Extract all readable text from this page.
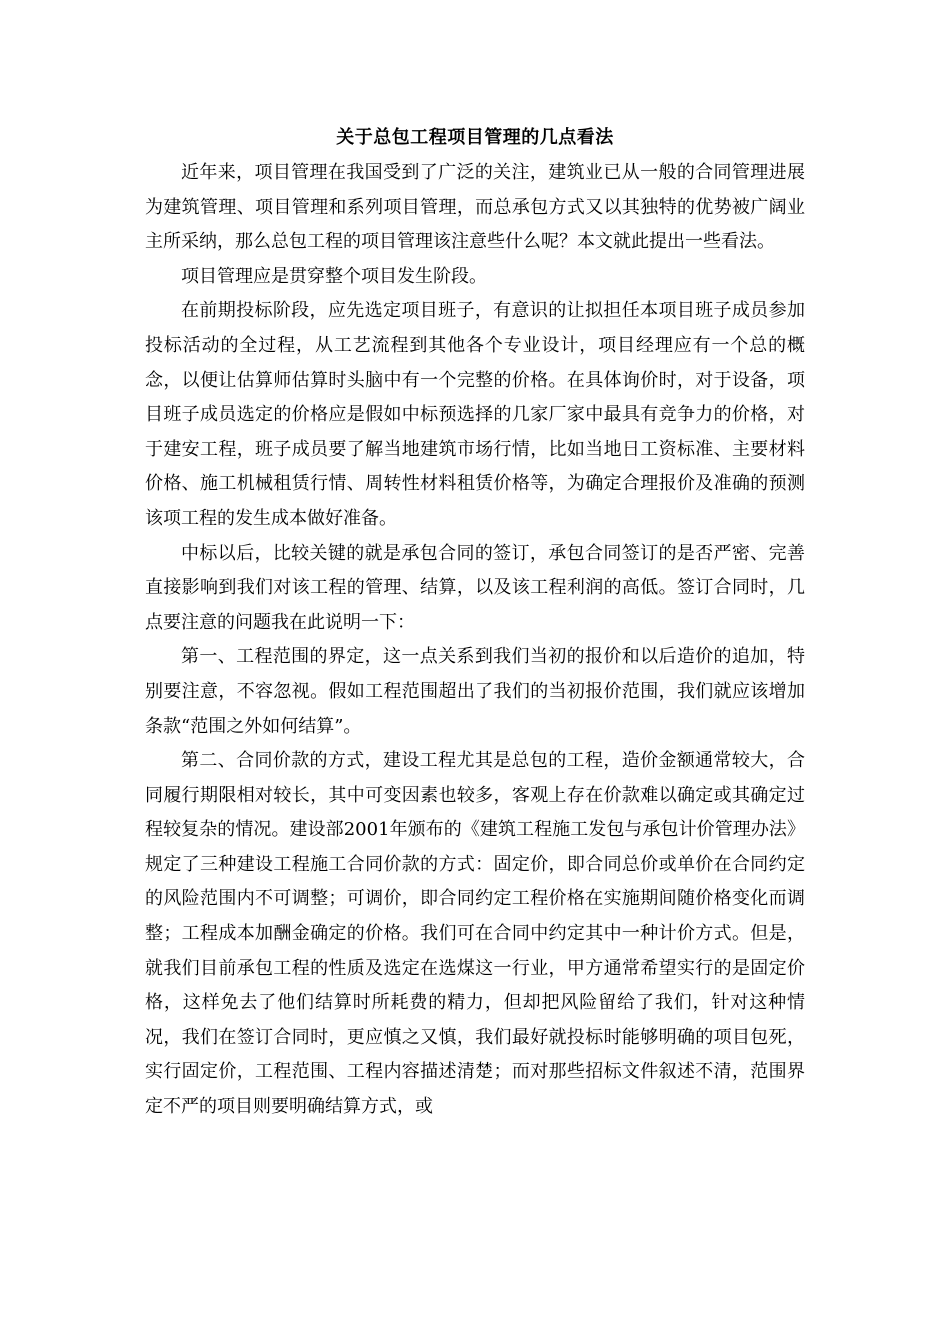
关于总包工程项目管理的几点看法

近年来，项目管理在我国受到了广泛的关注，建筑业已从一般的合同管理进展为建筑管理、项目管理和系列项目管理，而总承包方式又以其独特的优势被广阔业主所采纳，那么总包工程的项目管理该注意些什么呢？本文就此提出一些看法。

项目管理应是贯穿整个项目发生阶段。

在前期投标阶段，应先选定项目班子，有意识的让拟担任本项目班子成员参加投标活动的全过程，从工艺流程到其他各个专业设计，项目经理应有一个总的概念，以便让估算师估算时头脑中有一个完整的价格。在具体询价时，对于设备，项目班子成员选定的价格应是假如中标预选择的几家厂家中最具有竞争力的价格，对于建安工程，班子成员要了解当地建筑市场行情，比如当地日工资标准、主要材料价格、施工机械租赁行情、周转性材料租赁价格等，为确定合理报价及准确的预测该项工程的发生成本做好准备。

中标以后，比较关键的就是承包合同的签订，承包合同签订的是否严密、完善直接影响到我们对该工程的管理、结算，以及该工程利润的高低。签订合同时，几点要注意的问题我在此说明一下：

第一、工程范围的界定，这一点关系到我们当初的报价和以后造价的追加，特别要注意，不容忽视。假如工程范围超出了我们的当初报价范围，我们就应该增加条款“范围之外如何结算”。

第二、合同价款的方式，建设工程尤其是总包的工程，造价金额通常较大，合同履行期限相对较长，其中可变因素也较多，客观上存在价款难以确定或其确定过程较复杂的情况。建设部2001年颁布的《建筑工程施工发包与承包计价管理办法》规定了三种建设工程施工合同价款的方式：固定价，即合同总价或单价在合同约定的风险范围内不可调整；可调价，即合同约定工程价格在实施期间随价格变化而调整；工程成本加酬金确定的价格。我们可在合同中约定其中一种计价方式。但是，就我们目前承包工程的性质及选定在选煤这一行业，甲方通常希望实行的是固定价格，这样免去了他们结算时所耗费的精力，但却把风险留给了我们，针对这种情况，我们在签订合同时，更应慎之又慎，我们最好就投标时能够明确的项目包死，实行固定价，工程范围、工程内容描述清楚；而对那些招标文件叙述不清，范围界定不严的项目则要明确结算方式，或
